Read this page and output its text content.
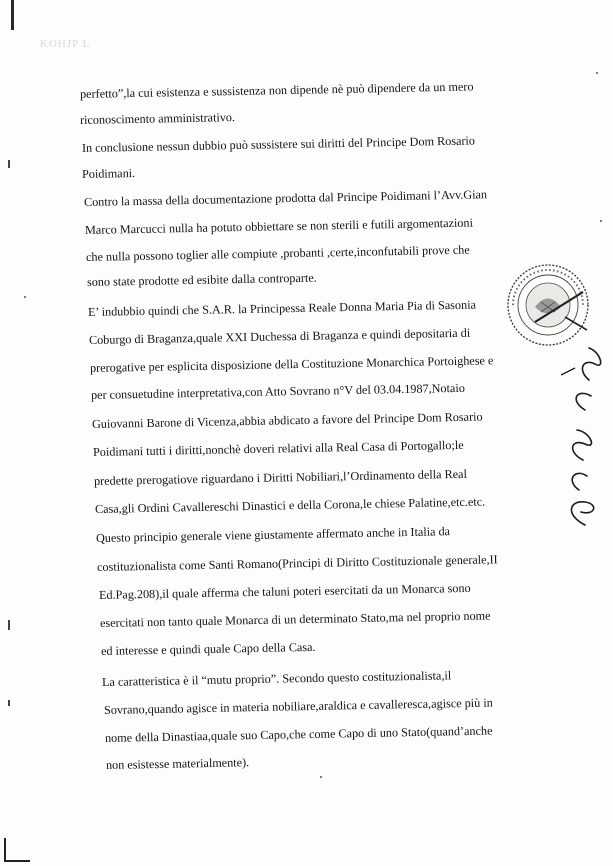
KOHJP L
perfetto”,la cui esistenza e sussistenza non dipende nè può dipendere da un mero
riconoscimento amministrativo.
In conclusione nessun dubbio può sussistere sui diritti del Principe Dom Rosario
Poidimani.
Contro la massa della documentazione prodotta dal Principe Poidimani l’Avv.Gian
Marco Marcucci nulla ha potuto obbiettare se non sterili e futili argomentazioni
che nulla possono toglier alle compiute ,probanti ,certe,inconfutabili prove che
sono state prodotte ed esibite dalla controparte.
E’ indubbio quindi che S.A.R. la Principessa Reale Donna Maria Pia di Sasonia
Coburgo di Braganza,quale XXI Duchessa di Braganza e quindi depositaria di
prerogative per esplicita disposizione della Costituzione Monarchica Portoighese e
per consuetudine interpretativa,con Atto Sovrano n°V del 03.04.1987,Notaio
Guiovanni Barone di Vicenza,abbia abdicato a favore del Principe Dom Rosario
Poidimani tutti i diritti,nonchè doveri relativi alla Real Casa di Portogallo;le
predette prerogatiove riguardano i Diritti Nobiliari,l’Ordinamento della Real
Casa,gli Ordini Cavallereschi Dinastici e della Corona,le chiese Palatine,etc.etc.
Questo principio generale viene giustamente affermato anche in Italia da
costituzionalista come Santi Romano(Principi di Diritto Costituzionale generale,II
Ed.Pag.208),il quale afferma che taluni poteri esercitati da un Monarca sono
esercitati non tanto quale Monarca di un determinato Stato,ma nel proprio nome
ed interesse e quindi quale Capo della Casa.
La caratteristica è il “mutu proprio”. Secondo questo costituzionalista,il
Sovrano,quando agisce in materia nobiliare,araldica e cavalleresca,agisce più in
nome della Dinastiaa,quale suo Capo,che come Capo di uno Stato(quand’anche
non esistesse materialmente).
